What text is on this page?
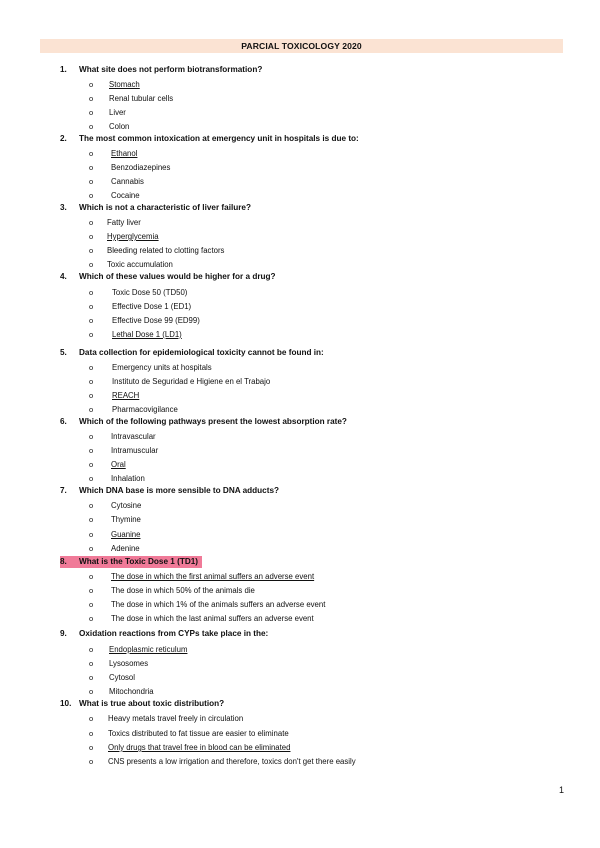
PARCIAL TOXICOLOGY 2020
1. What site does not perform biotransformation?
o	Stomach
o	Renal tubular cells
o	Liver
o	Colon
2. The most common intoxication at emergency unit in hospitals is due to:
o	Ethanol
o	Benzodiazepines
o	Cannabis
o	Cocaine
3. Which is not a characteristic of liver failure?
o	Fatty liver
o	Hyperglycemia
o	Bleeding related to clotting factors
o	Toxic accumulation
4. Which of these values would be higher for a drug?
o	Toxic Dose 50 (TD50)
o	Effective Dose 1 (ED1)
o	Effective Dose 99 (ED99)
o	Lethal Dose 1 (LD1)
5. Data collection for epidemiological toxicity cannot be found in:
o	Emergency units at hospitals
o	Instituto de Seguridad e Higiene en el Trabajo
o	REACH
o	Pharmacovigilance
6. Which of the following pathways present the lowest absorption rate?
o	Intravascular
o	Intramuscular
o	Oral
o	Inhalation
7. Which DNA base is more sensible to DNA adducts?
o	Cytosine
o	Thymine
o	Guanine
o	Adenine
8. What is the Toxic Dose 1 (TD1)
o	The dose in which the first animal suffers an adverse event
o	The dose in which 50% of the animals die
o	The dose in which 1% of the animals suffers an adverse event
o	The dose in which the last animal suffers an adverse event
9. Oxidation reactions from CYPs take place in the:
o	Endoplasmic reticulum
o	Lysosomes
o	Cytosol
o	Mitochondria
10. What is true about toxic distribution?
o	Heavy metals travel freely in circulation
o	Toxics distributed to fat tissue are easier to eliminate
o	Only drugs that travel free in blood can be eliminated
o	CNS presents a low irrigation and therefore, toxics don't get there easily
1
